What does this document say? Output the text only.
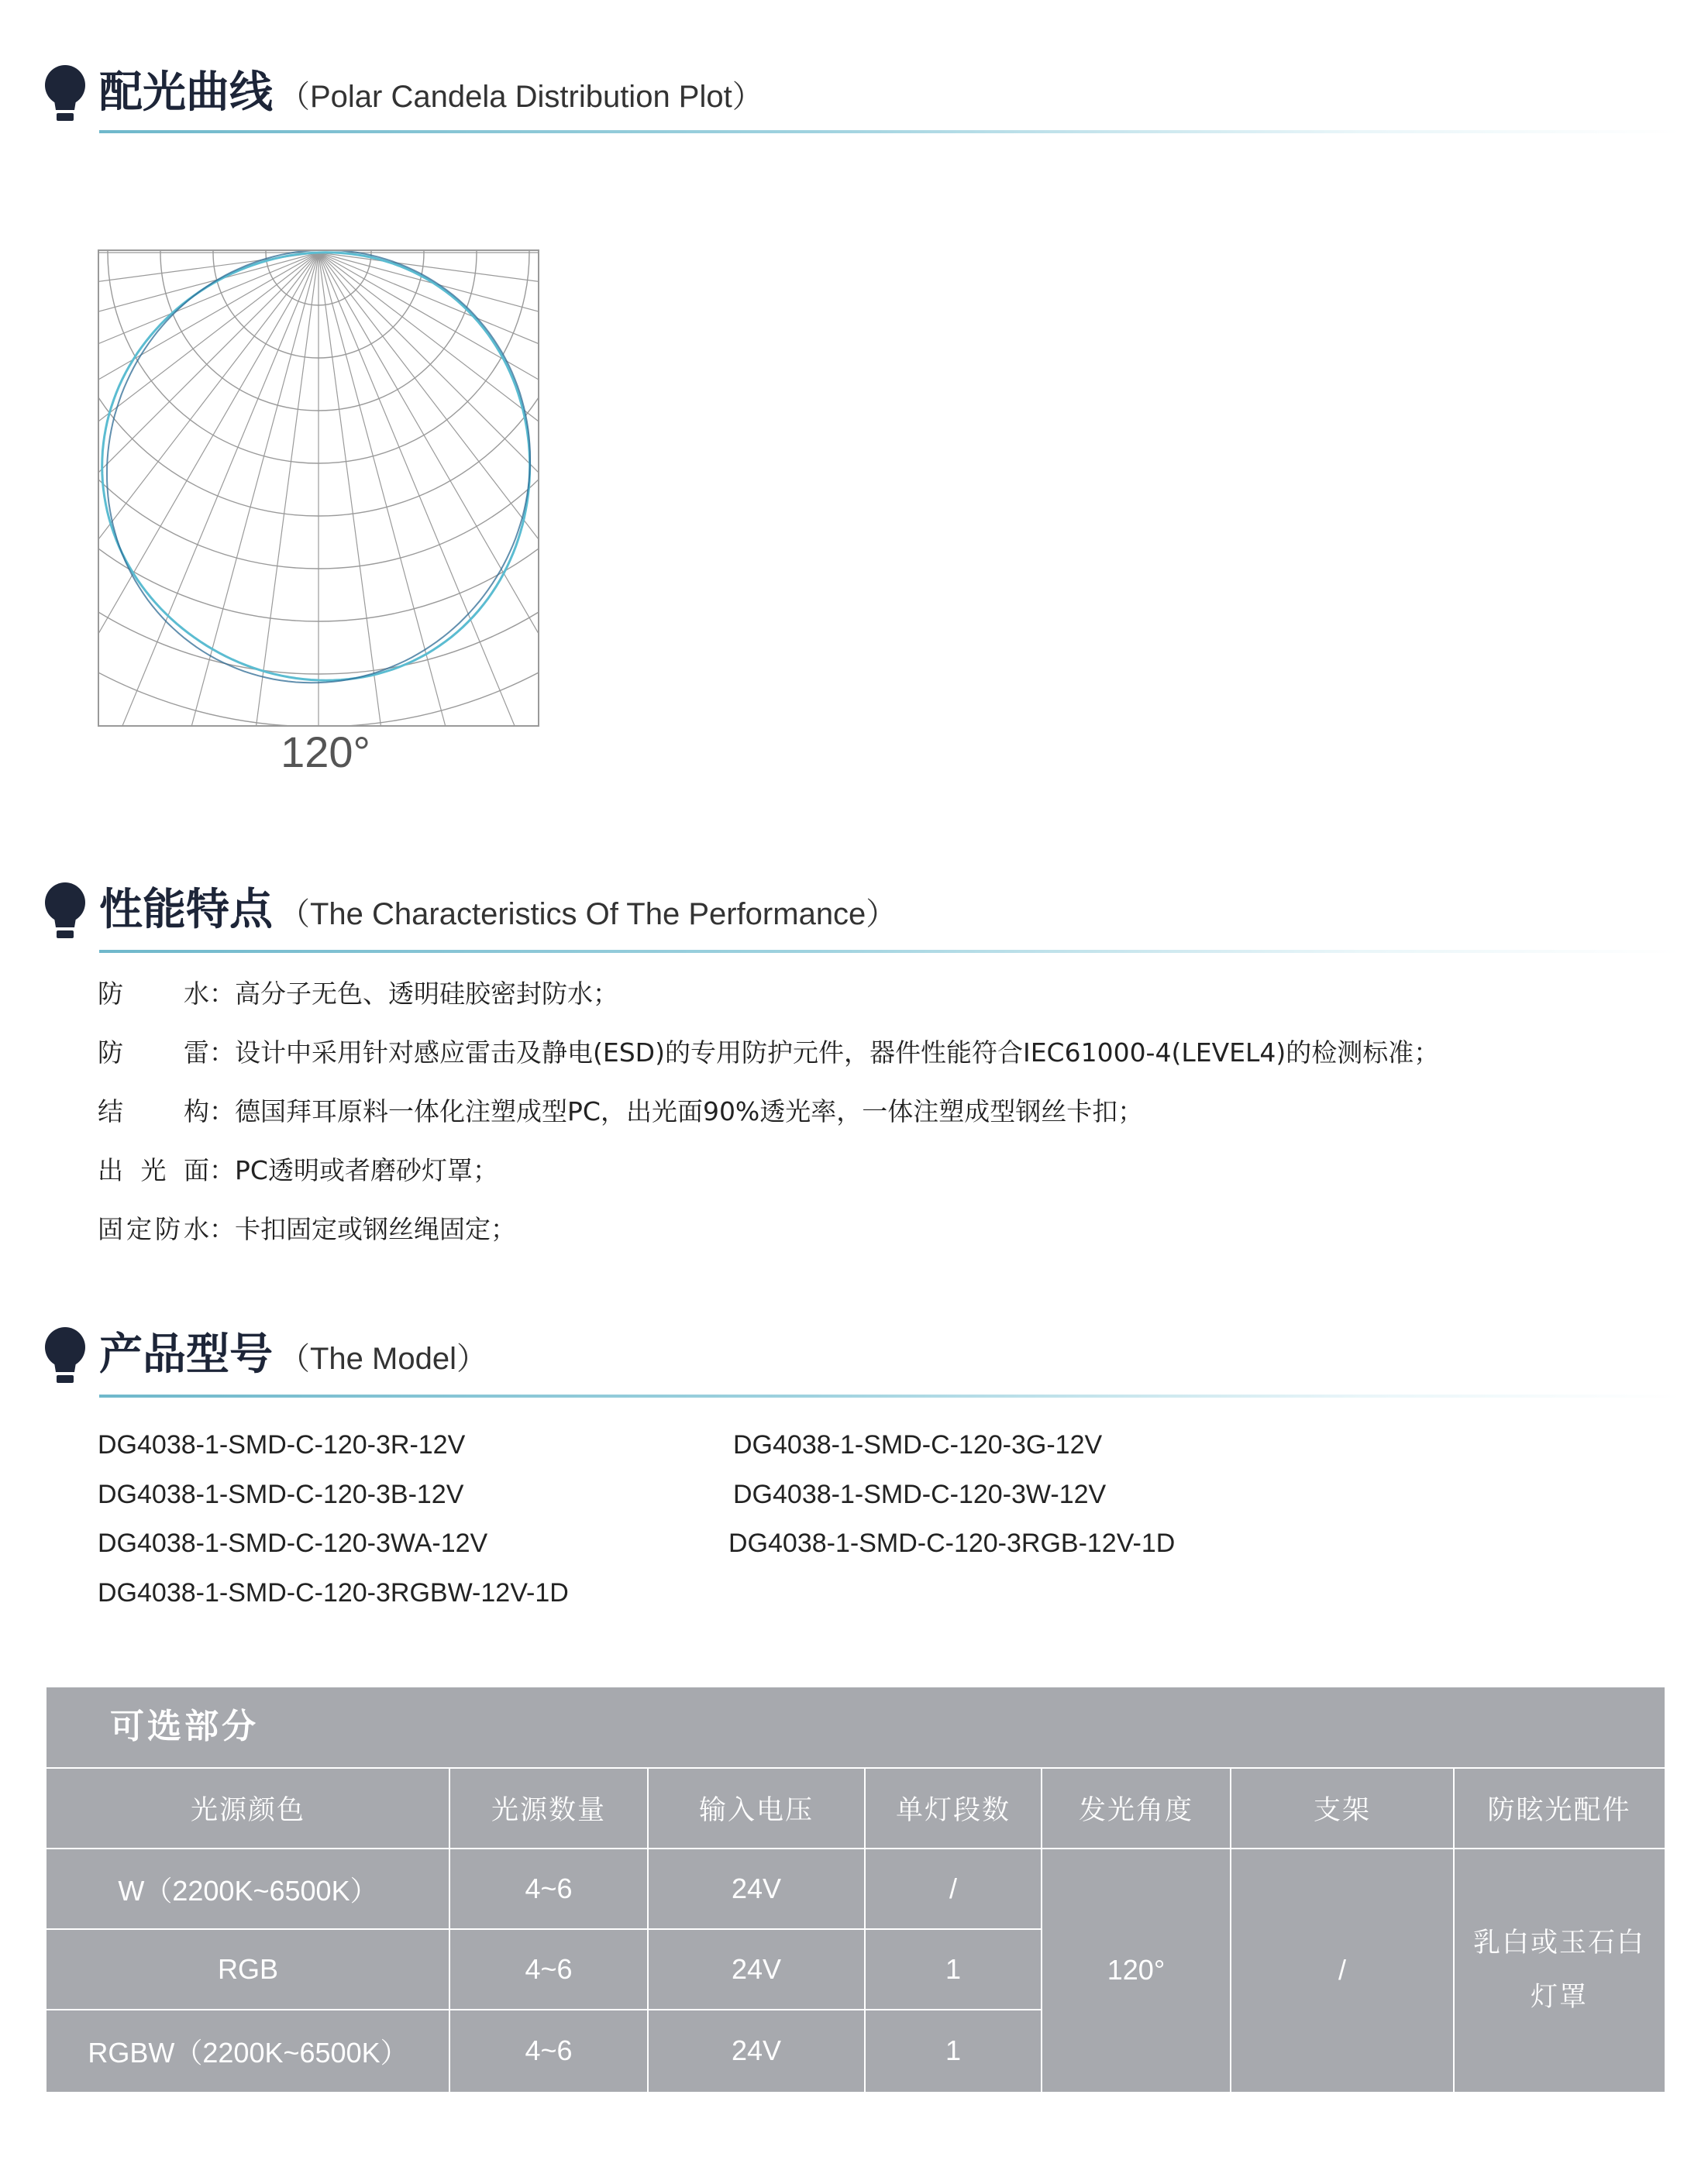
配光曲线 （Polar Candela Distribution Plot）
120°
性能特点 （The Characteristics Of The Performance）
防水：高分子无色、透明硅胶密封防水；
防雷：设计中采用针对感应雷击及静电(ESD)的专用防护元件，器件性能符合IEC61000-4(LEVEL4)的检测标准；
结构：德国拜耳原料一体化注塑成型PC，出光面90%透光率，一体注塑成型钢丝卡扣；
出光面：PC透明或者磨砂灯罩；
固定防水：卡扣固定或钢丝绳固定；
产品型号 （The Model）
DG4038-1-SMD-C-120-3R-12V	DG4038-1-SMD-C-120-3G-12V
DG4038-1-SMD-C-120-3B-12V	DG4038-1-SMD-C-120-3W-12V
DG4038-1-SMD-C-120-3WA-12V	DG4038-1-SMD-C-120-3RGB-12V-1D
DG4038-1-SMD-C-120-3RGBW-12V-1D
可选部分
光源颜色	光源数量	输入电压	单灯段数	发光角度	支架	防眩光配件
W（2200K~6500K）	4~6	24V	/
RGB	4~6	24V	1
RGBW（2200K~6500K）	4~6	24V	1
120°	/
乳白或玉石白
灯罩
